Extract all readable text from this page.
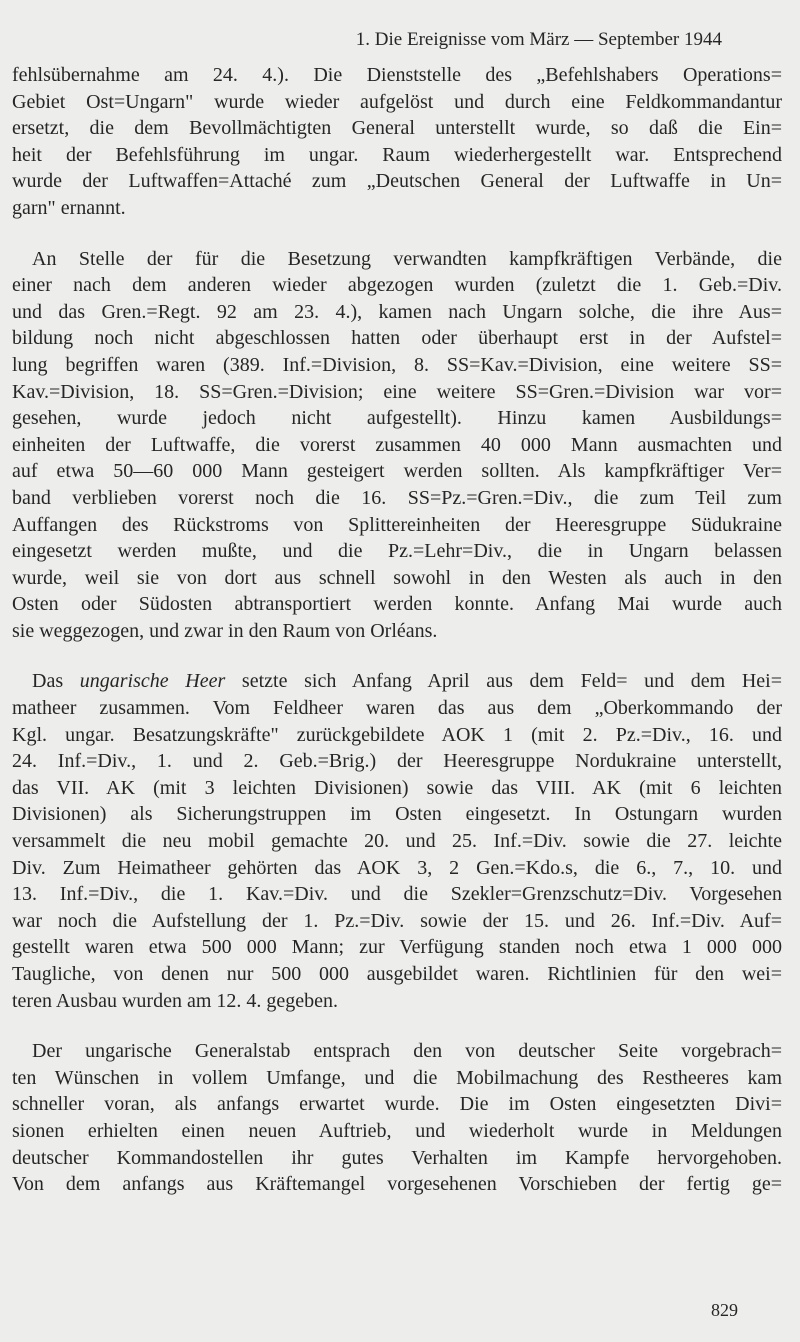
1. Die Ereignisse vom März — September 1944
fehlsübernahme am 24. 4.). Die Dienststelle des „Befehlshabers Operations=
Gebiet Ost=Ungarn" wurde wieder aufgelöst und durch eine Feldkommandantur
ersetzt, die dem Bevollmächtigten General unterstellt wurde, so daß die Ein=
heit der Befehlsführung im ungar. Raum wiederhergestellt war. Entsprechend
wurde der Luftwaffen=Attaché zum „Deutschen General der Luftwaffe in Un=
garn" ernannt.
An Stelle der für die Besetzung verwandten kampfkräftigen Verbände, die
einer nach dem anderen wieder abgezogen wurden (zuletzt die 1. Geb.=Div.
und das Gren.=Regt. 92 am 23. 4.), kamen nach Ungarn solche, die ihre Aus=
bildung noch nicht abgeschlossen hatten oder überhaupt erst in der Aufstel=
lung begriffen waren (389. Inf.=Division, 8. SS=Kav.=Division, eine weitere SS=
Kav.=Division, 18. SS=Gren.=Division; eine weitere SS=Gren.=Division war vor=
gesehen, wurde jedoch nicht aufgestellt). Hinzu kamen Ausbildungs=
einheiten der Luftwaffe, die vorerst zusammen 40 000 Mann ausmachten und
auf etwa 50—60 000 Mann gesteigert werden sollten. Als kampfkräftiger Ver=
band verblieben vorerst noch die 16. SS=Pz.=Gren.=Div., die zum Teil zum
Auffangen des Rückstroms von Splittereinheiten der Heeresgruppe Südukraine
eingesetzt werden mußte, und die Pz.=Lehr=Div., die in Ungarn belassen
wurde, weil sie von dort aus schnell sowohl in den Westen als auch in den
Osten oder Südosten abtransportiert werden konnte. Anfang Mai wurde auch
sie weggezogen, und zwar in den Raum von Orléans.
Das ungarische Heer setzte sich Anfang April aus dem Feld= und dem Hei=
matheer zusammen. Vom Feldheer waren das aus dem „Oberkommando der
Kgl. ungar. Besatzungskräfte" zurückgebildete AOK 1 (mit 2. Pz.=Div., 16. und
24. Inf.=Div., 1. und 2. Geb.=Brig.) der Heeresgruppe Nordukraine unterstellt,
das VII. AK (mit 3 leichten Divisionen) sowie das VIII. AK (mit 6 leichten
Divisionen) als Sicherungstruppen im Osten eingesetzt. In Ostungarn wurden
versammelt die neu mobil gemachte 20. und 25. Inf.=Div. sowie die 27. leichte
Div. Zum Heimatheer gehörten das AOK 3, 2 Gen.=Kdo.s, die 6., 7., 10. und
13. Inf.=Div., die 1. Kav.=Div. und die Szekler=Grenzschutz=Div. Vorgesehen
war noch die Aufstellung der 1. Pz.=Div. sowie der 15. und 26. Inf.=Div. Auf=
gestellt waren etwa 500 000 Mann; zur Verfügung standen noch etwa 1 000 000
Taugliche, von denen nur 500 000 ausgebildet waren. Richtlinien für den wei=
teren Ausbau wurden am 12. 4. gegeben.
Der ungarische Generalstab entsprach den von deutscher Seite vorgebrach=
ten Wünschen in vollem Umfange, und die Mobilmachung des Restheeres kam
schneller voran, als anfangs erwartet wurde. Die im Osten eingesetzten Divi=
sionen erhielten einen neuen Auftrieb, und wiederholt wurde in Meldungen
deutscher Kommandostellen ihr gutes Verhalten im Kampfe hervorgehoben.
Von dem anfangs aus Kräftemangel vorgesehenen Vorschieben der fertig ge=
829
